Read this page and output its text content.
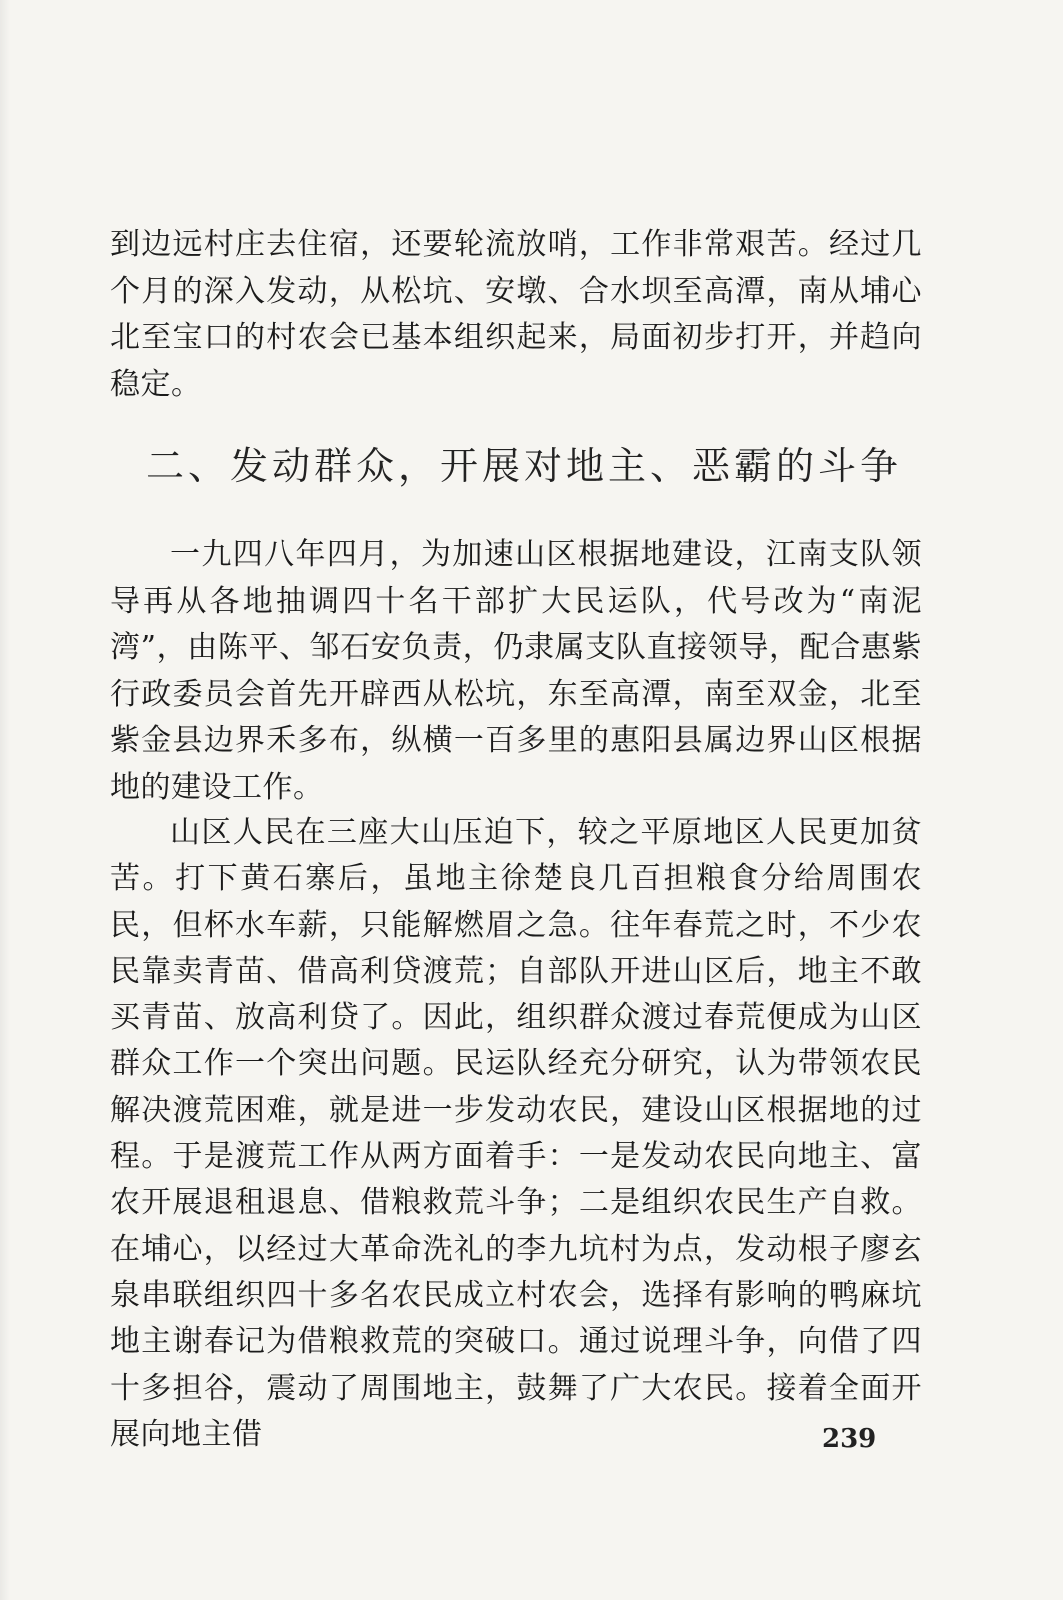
到边远村庄去住宿，还要轮流放哨，工作非常艰苦。经过几个月的深入发动，从松坑、安墩、合水坝至高潭，南从埔心北至宝口的村农会已基本组织起来，局面初步打开，并趋向稳定。

二、发动群众，开展对地主、恶霸的斗争

一九四八年四月，为加速山区根据地建设，江南支队领导再从各地抽调四十名干部扩大民运队，代号改为“南泥湾”，由陈平、邹石安负责，仍隶属支队直接领导，配合惠紫行政委员会首先开辟西从松坑，东至高潭，南至双金，北至紫金县边界禾多布，纵横一百多里的惠阳县属边界山区根据地的建设工作。

山区人民在三座大山压迫下，较之平原地区人民更加贫苦。打下黄石寨后，虽地主徐楚良几百担粮食分给周围农民，但杯水车薪，只能解燃眉之急。往年春荒之时，不少农民靠卖青苗、借高利贷渡荒；自部队开进山区后，地主不敢买青苗、放高利贷了。因此，组织群众渡过春荒便成为山区群众工作一个突出问题。民运队经充分研究，认为带领农民解决渡荒困难，就是进一步发动农民，建设山区根据地的过程。于是渡荒工作从两方面着手：一是发动农民向地主、富农开展退租退息、借粮救荒斗争；二是组织农民生产自救。在埔心，以经过大革命洗礼的李九坑村为点，发动根子廖玄泉串联组织四十多名农民成立村农会，选择有影响的鸭麻坑地主谢春记为借粮救荒的突破口。通过说理斗争，向借了四十多担谷，震动了周围地主，鼓舞了广大农民。接着全面开展向地主借	239
